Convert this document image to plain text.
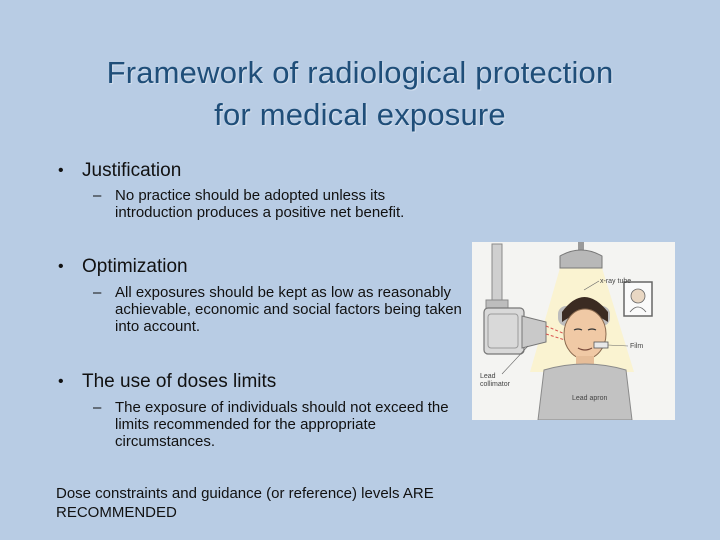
Framework of radiological protection
for medical exposure
• Justification
– No practice should be adopted unless its introduction produces a positive net benefit.
• Optimization
– All exposures should be kept as low as reasonably achievable, economic and social factors being taken into account.
• The use of doses limits
– The exposure of individuals should not exceed the limits recommended for the appropriate circumstances.
Dose constraints and guidance (or reference) levels ARE RECOMMENDED
x-ray tube
Film
Lead
collimator
Lead apron
